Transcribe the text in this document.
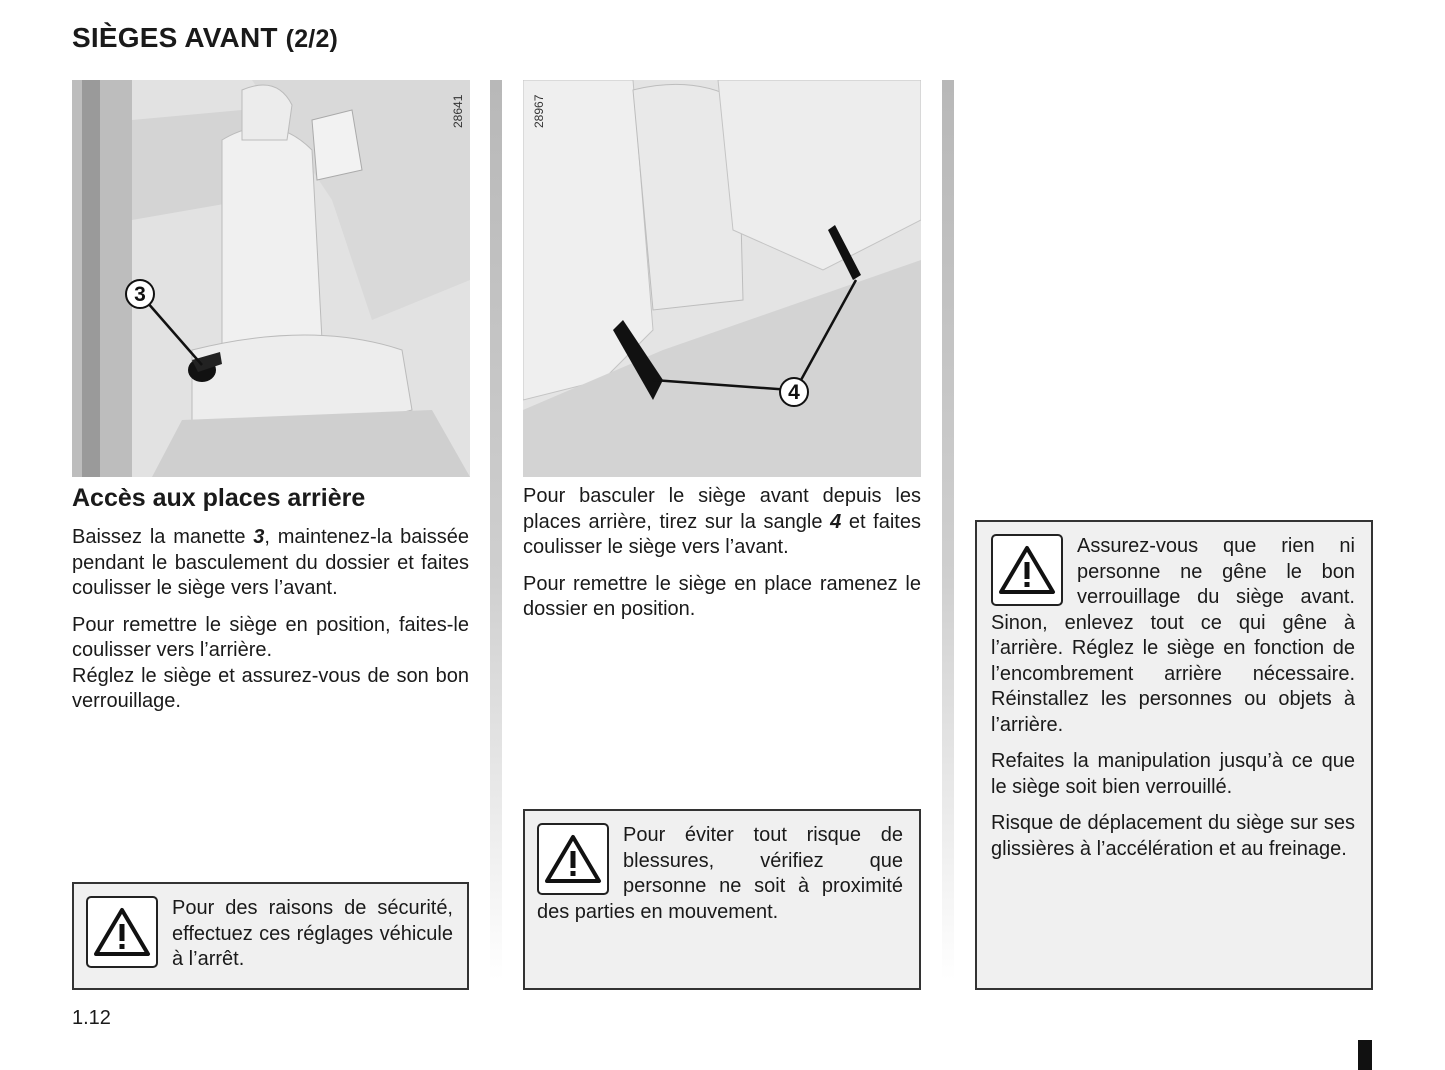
SIÈGES AVANT (2/2)
3
28641
4
28967
Accès aux places arrière

Baissez la manette 3, maintenez-la baissée pendant le basculement du dossier et faites coulisser le siège vers l’avant.

Pour remettre le siège en position, faites-le coulisser vers l’arrière.

Réglez le siège et assurez-vous de son bon verrouillage.

Pour des raisons de sécurité, effectuez ces réglages véhicule à l’arrêt.

Pour basculer le siège avant depuis les places arrière, tirez sur la sangle 4 et faites coulisser le siège vers l’avant.

Pour remettre le siège en place ramenez le dossier en position.

Pour éviter tout risque de blessures, vérifiez que personne ne soit à proximité des parties en mouvement.

Assurez-vous que rien ni personne ne gêne le bon verrouillage du siège avant. Sinon, enlevez tout ce qui gêne à l’arrière. Réglez le siège en fonction de l’encombrement arrière nécessaire. Réinstallez les personnes ou objets à l’arrière.

Refaites la manipulation jusqu’à ce que le siège soit bien verrouillé.

Risque de déplacement du siège sur ses glissières à l’accélération et au freinage.

1.12
